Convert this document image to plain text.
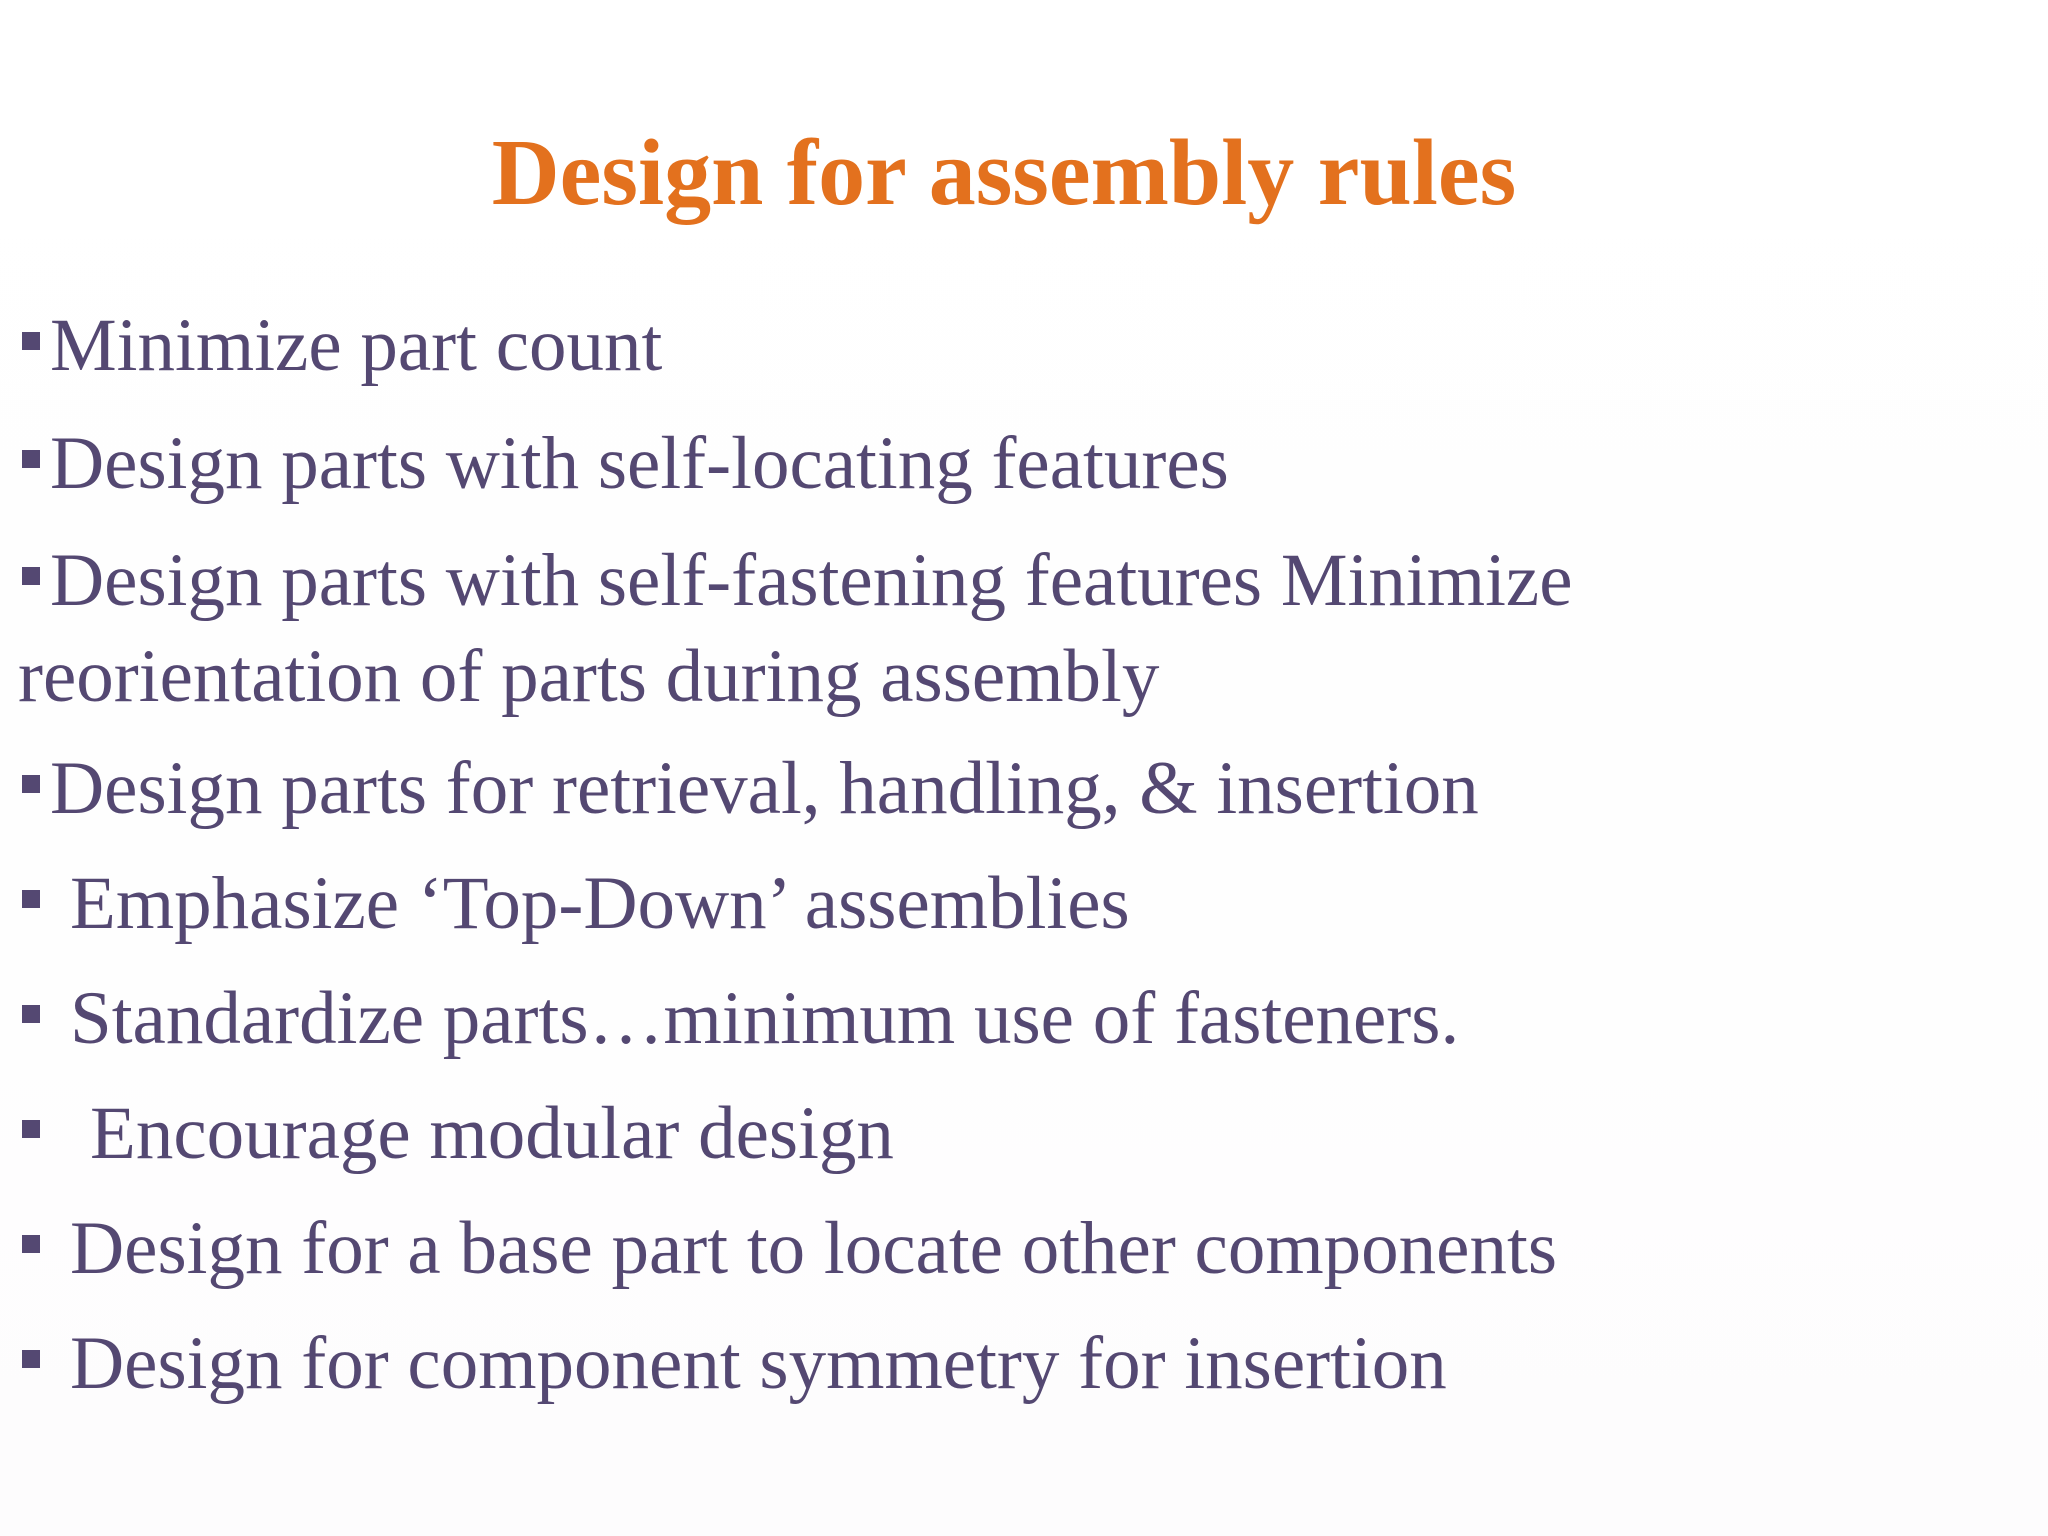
Design for assembly rules

Minimize part count

Design parts with self-locating features

Design parts with self-fastening features Minimize
reorientation of parts during assembly

Design parts for retrieval, handling, & insertion

Emphasize ‘Top-Down’ assemblies

Standardize parts…minimum use of fasteners.

Encourage modular design

Design for a base part to locate other components

Design for component symmetry for insertion
